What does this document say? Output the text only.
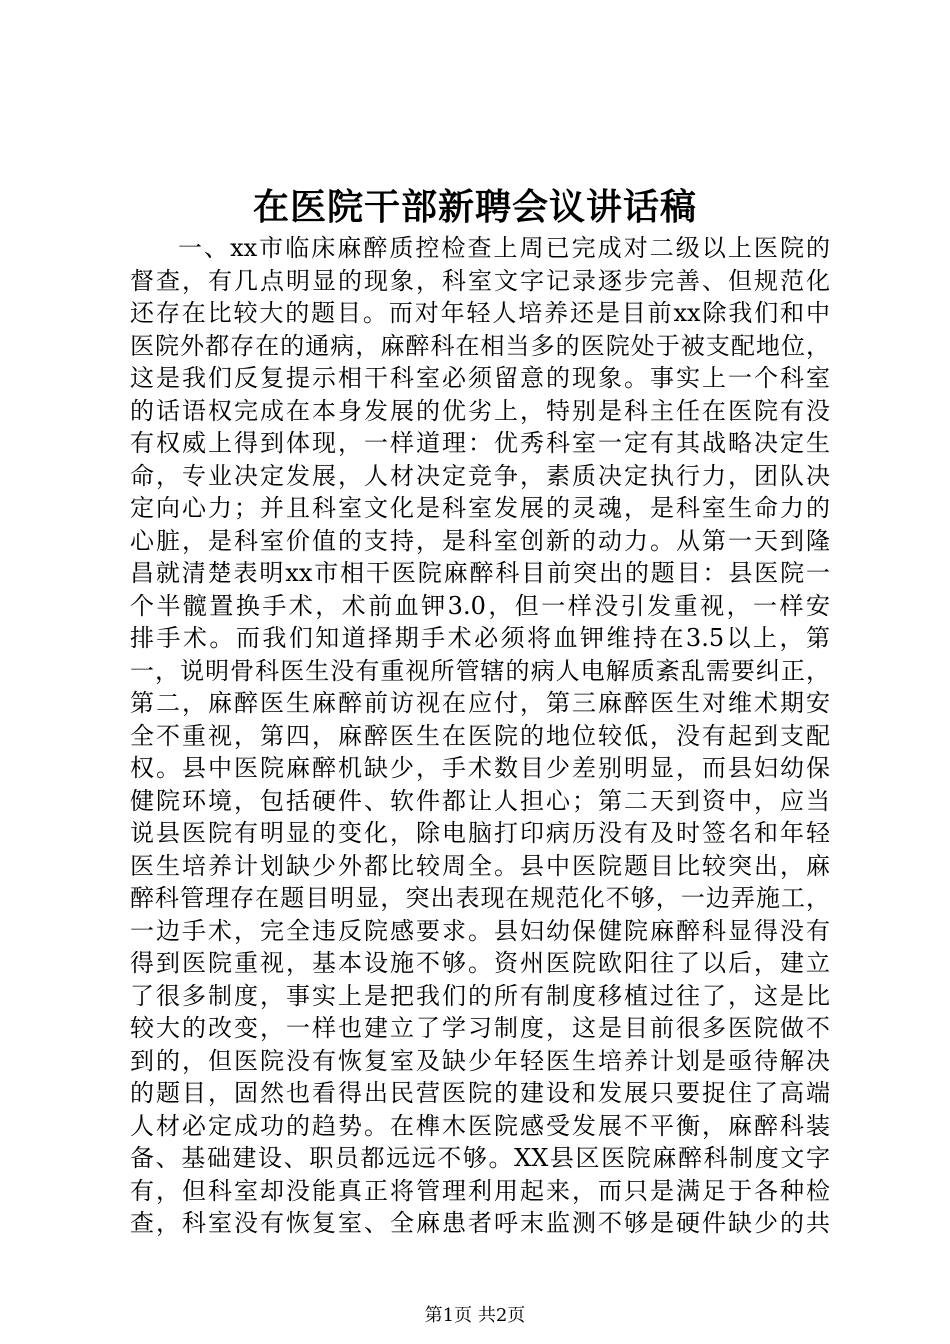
在医院干部新聘会议讲话稿
一、xx市临床麻醉质控检查上周已完成对二级以上医院的
督查，有几点明显的现象，科室文字记录逐步完善、但规范化
还存在比较大的题目。而对年轻人培养还是目前xx除我们和中
医院外都存在的通病，麻醉科在相当多的医院处于被支配地位，
这是我们反复提示相干科室必须留意的现象。事实上一个科室
的话语权完成在本身发展的优劣上，特别是科主任在医院有没
有权威上得到体现，一样道理：优秀科室一定有其战略决定生
命，专业决定发展，人材决定竞争，素质决定执行力，团队决
定向心力；并且科室文化是科室发展的灵魂，是科室生命力的
心脏，是科室价值的支持，是科室创新的动力。从第一天到隆
昌就清楚表明xx市相干医院麻醉科目前突出的题目：县医院一
个半髋置换手术，术前血钾3.0，但一样没引发重视，一样安
排手术。而我们知道择期手术必须将血钾维持在3.5以上，第
一，说明骨科医生没有重视所管辖的病人电解质紊乱需要纠正，
第二，麻醉医生麻醉前访视在应付，第三麻醉医生对维术期安
全不重视，第四，麻醉医生在医院的地位较低，没有起到支配
权。县中医院麻醉机缺少，手术数目少差别明显，而县妇幼保
健院环境，包括硬件、软件都让人担心；第二天到资中，应当
说县医院有明显的变化，除电脑打印病历没有及时签名和年轻
医生培养计划缺少外都比较周全。县中医院题目比较突出，麻
醉科管理存在题目明显，突出表现在规范化不够，一边弄施工，
一边手术，完全违反院感要求。县妇幼保健院麻醉科显得没有
得到医院重视，基本设施不够。资州医院欧阳往了以后，建立
了很多制度，事实上是把我们的所有制度移植过往了，这是比
较大的改变，一样也建立了学习制度，这是目前很多医院做不
到的，但医院没有恢复室及缺少年轻医生培养计划是亟待解决
的题目，固然也看得出民营医院的建设和发展只要捉住了高端
人材必定成功的趋势。在榫木医院感受发展不平衡，麻醉科装
备、基础建设、职员都远远不够。XX县区医院麻醉科制度文字
有，但科室却没能真正将管理利用起来，而只是满足于各种检
查，科室没有恢复室、全麻患者呼末监测不够是硬件缺少的共
第1页 共2页
